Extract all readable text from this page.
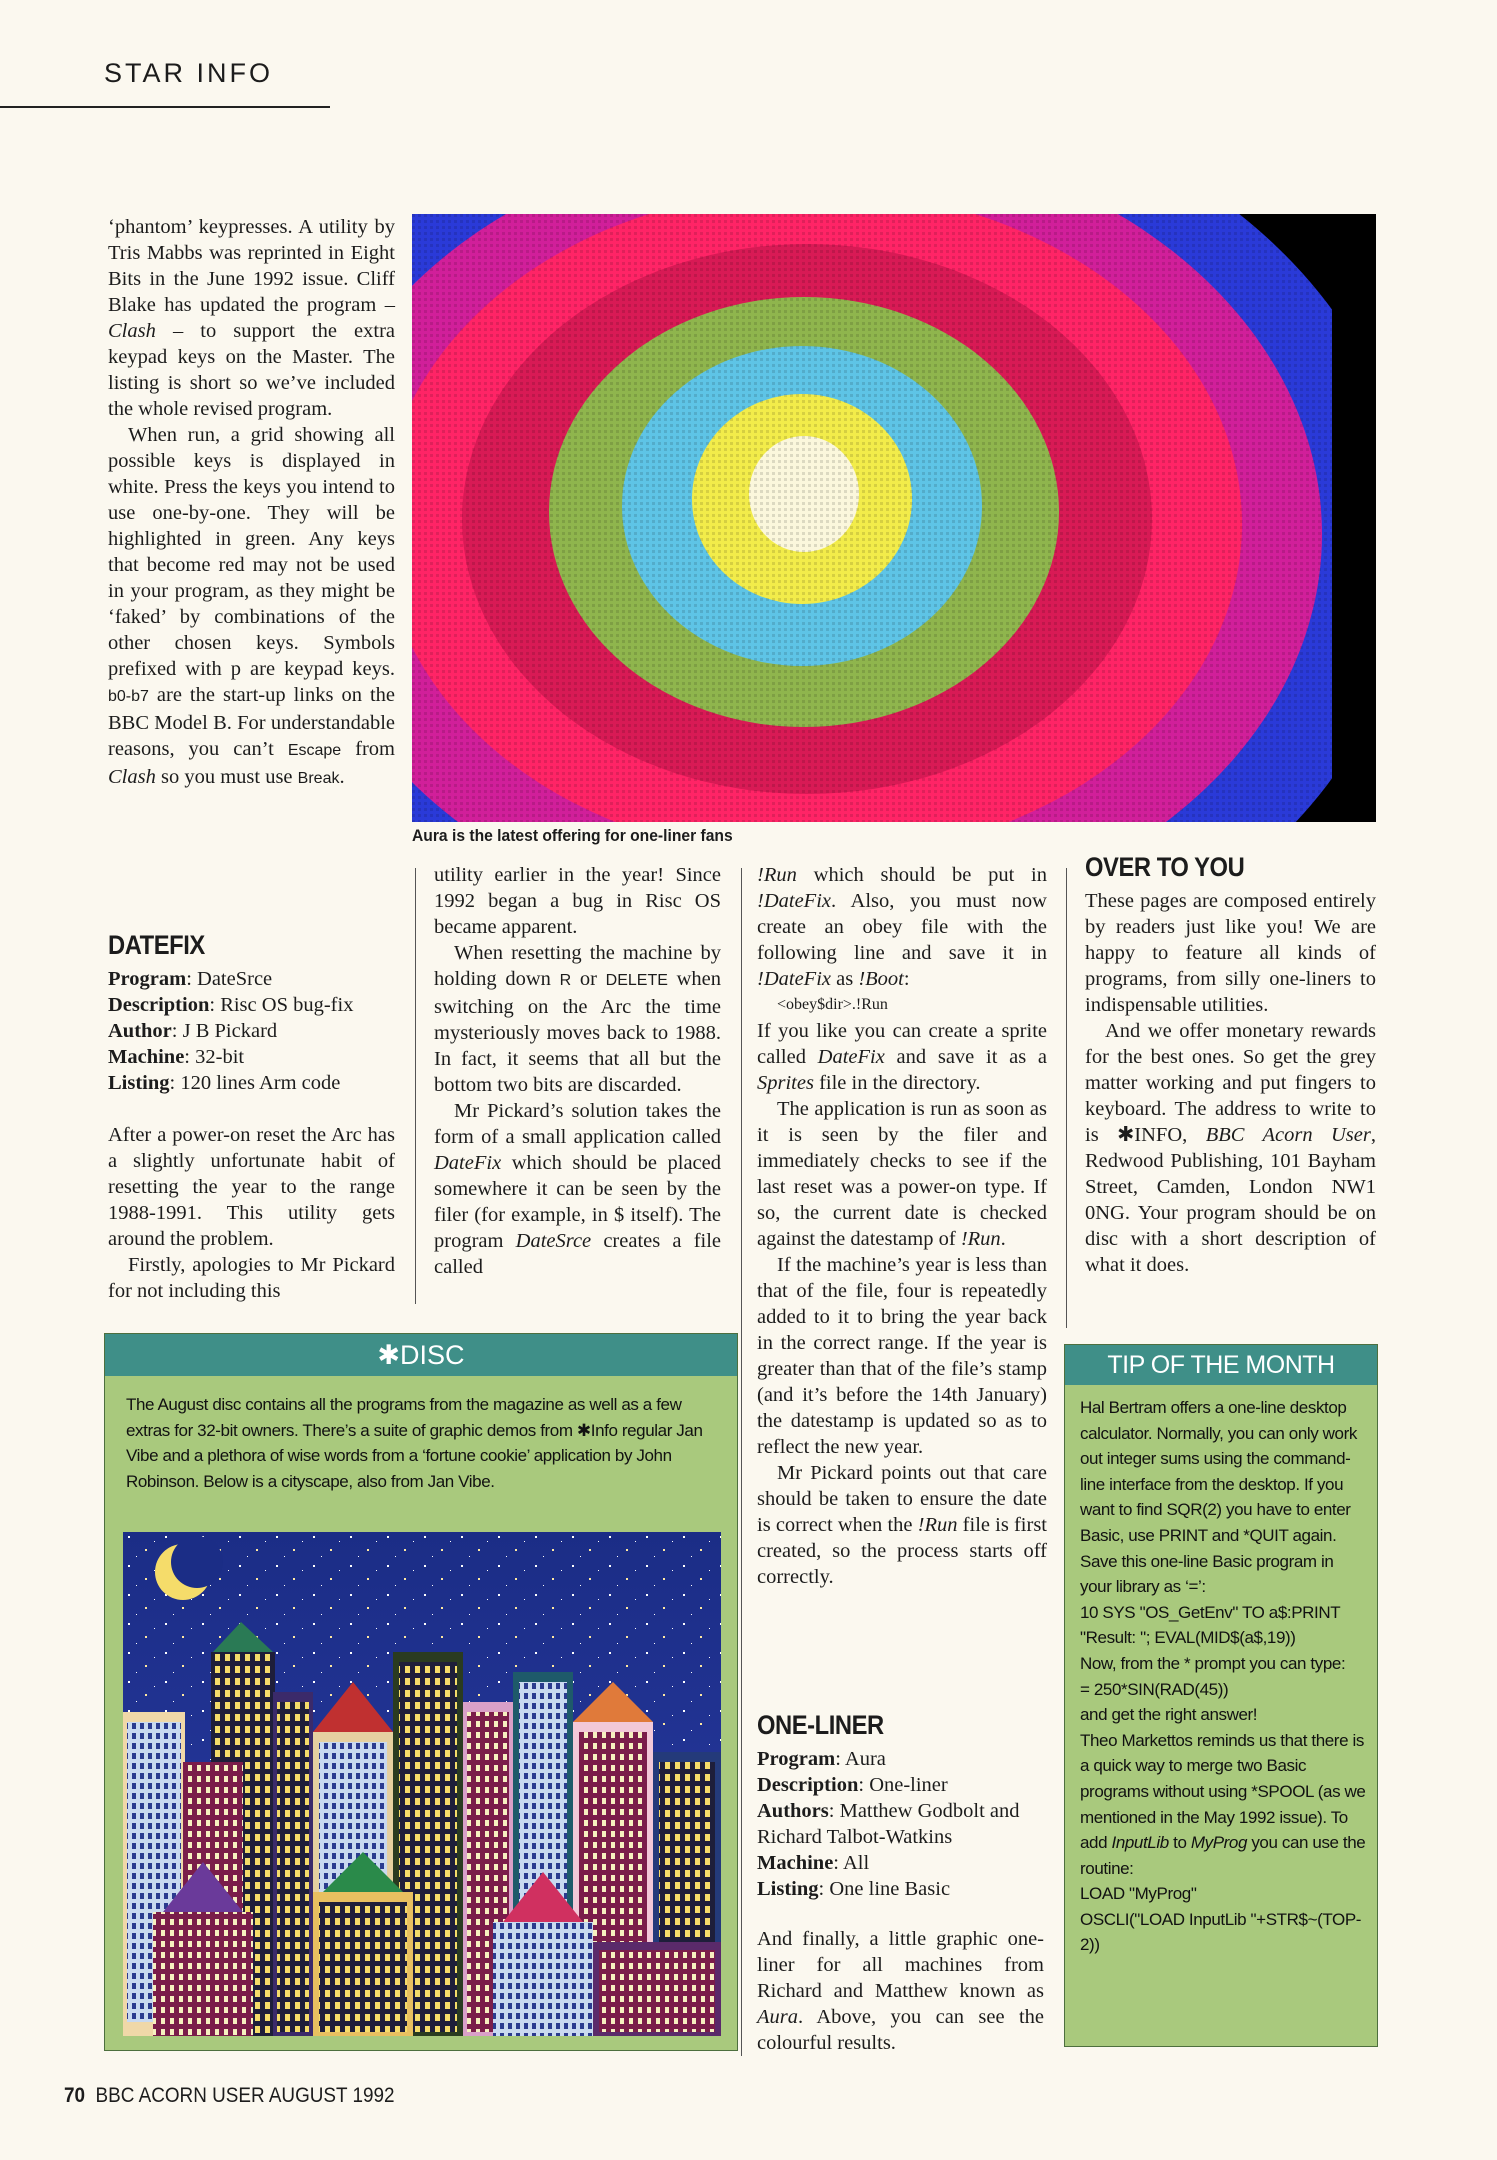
STAR INFO

‘phantom’ keypresses. A utility by Tris Mabbs was reprinted in Eight Bits in the June 1992 issue. Cliff Blake has updated the program – Clash – to support the extra keypad keys on the Master. The listing is short so we’ve included the whole revised program.

When run, a grid showing all possible keys is displayed in white. Press the keys you intend to use one-by-one. They will be highlighted in green. Any keys that become red may not be used in your program, as they might be ‘faked’ by combinations of the other chosen keys. Symbols prefixed with p are keypad keys. b0-b7 are the start-up links on the BBC Model B. For understandable reasons, you can’t Escape from Clash so you must use Break.

Aura is the latest offering for one-liner fans
DATEFIX
Program: DateSrce
Description: Risc OS bug-fix
Author: J B Pickard
Machine: 32-bit
Listing: 120 lines Arm code

After a power-on reset the Arc has a slightly unfortunate habit of resetting the year to the range 1988-1991. This utility gets around the problem.

Firstly, apologies to Mr Pickard for not including this

utility earlier in the year! Since 1992 began a bug in Risc OS became apparent.

When resetting the machine by holding down R or DELETE when switching on the Arc the time mysteriously moves back to 1988. In fact, it seems that all but the bottom two bits are discarded.

Mr Pickard’s solution takes the form of a small application called DateFix which should be placed somewhere it can be seen by the filer (for example, in $ itself). The program DateSrce creates a file called

!Run which should be put in !DateFix. Also, you must now create an obey file with the following line and save it in !DateFix as !Boot:

<obey$dir>.!Run

If you like you can create a sprite called DateFix and save it as a Sprites file in the directory.

The application is run as soon as it is seen by the filer and immediately checks to see if the last reset was a power-on type. If so, the current date is checked against the datestamp of !Run.

If the machine’s year is less than that of the file, four is repeatedly added to it to bring the year back in the correct range. If the year is greater than that of the file’s stamp (and it’s before the 14th January) the datestamp is updated so as to reflect the new year.

Mr Pickard points out that care should be taken to ensure the date is correct when the !Run file is first created, so the process starts off correctly.

ONE-LINER
Program: Aura
Description: One-liner
Authors: Matthew Godbolt and Richard Talbot-Watkins
Machine: All
Listing: One line Basic

And finally, a little graphic one-liner for all machines from Richard and Matthew known as Aura. Above, you can see the colourful results.

OVER TO YOU

These pages are composed entirely by readers just like you! We are happy to feature all kinds of programs, from silly one-liners to indispensable utilities.

And we offer monetary rewards for the best ones. So get the grey matter working and put fingers to keyboard. The address to write to is ✱INFO, BBC Acorn User, Redwood Publishing, 101 Bayham Street, Camden, London NW1 0NG. Your program should be on disc with a short description of what it does.

✱DISC
The August disc contains all the programs from the magazine as well as a few extras for 32-bit owners. There’s a suite of graphic demos from ✱Info regular Jan Vibe and a plethora of wise words from a ‘fortune cookie’ application by John Robinson. Below is a cityscape, also from Jan Vibe.
TIP OF THE MONTH
Hal Bertram offers a one-line desktop calculator. Normally, you can only work out integer sums using the command-line interface from the desktop. If you want to find SQR(2) you have to enter Basic, use PRINT and *QUIT again. Save this one-line Basic program in your library as ‘=’:
10 SYS "OS_GetEnv" TO a$:PRINT "Result: "; EVAL(MID$(a$,19))
Now, from the * prompt you can type:
= 250*SIN(RAD(45))
and get the right answer!
Theo Markettos reminds us that there is a quick way to merge two Basic programs without using *SPOOL (as we mentioned in the May 1992 issue). To add InputLib to MyProg you can use the routine:
LOAD "MyProg"
OSCLI("LOAD InputLib "+STR$~(TOP-2))
70 BBC ACORN USER AUGUST 1992
